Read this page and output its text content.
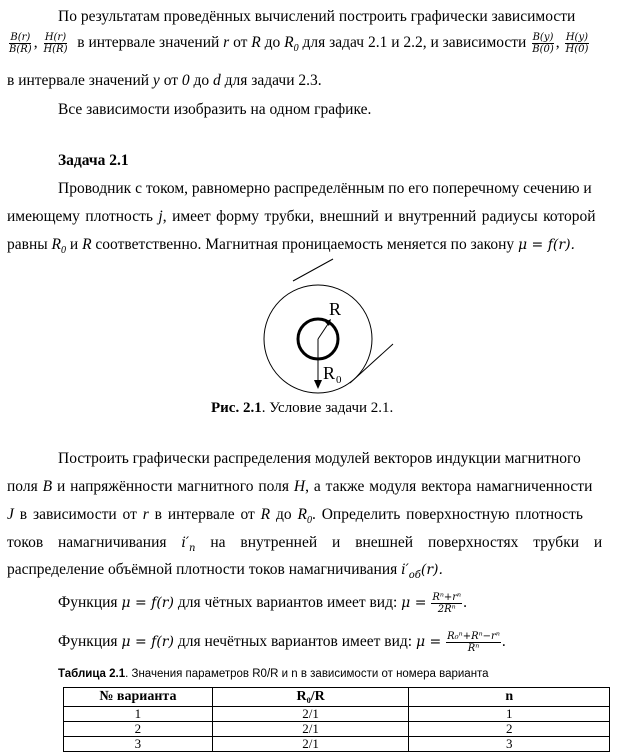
По результатам проведённых вычислений построить графически зависимости
$\frac{B(r)}{B(R)}$ , $\frac{H(r)}{H(R)}$ в интервале значений r от R до $R_0$ для задач 2.1 и 2.2, и зависимости $\frac{B(y)}{B(0)}$ , $\frac{H(y)}{H(0)}$
в интервале значений y от 0 до d для задачи 2.3.
Все зависимости изобразить на одном графике.
Задача 2.1
Проводник с током, равномерно распределённым по его поперечному сечению и
имеющему плотность j, имеет форму трубки, внешний и внутренний радиусы которой
равны $R_0$ и R соответственно. Магнитная проницаемость меняется по закону μ = f(r).
R
R 0
Рис. 2.1. Условие задачи 2.1.
Построить графически распределения модулей векторов индукции магнитного
поля B и напряжённости магнитного поля H, а также модуля вектора намагниченности
J в зависимости от r в интервале от R до $R_0$. Определить поверхностную плотность
токов намагничивания $i'_п$ на внутренней и внешней поверхностях трубки и
распределение объёмной плотности токов намагничивания $i'_{об}(r)$.
Функция μ = f(r) для чётных вариантов имеет вид: $\mu = \frac{\text{Rⁿ+rⁿ}}{\text{2Rⁿ}}$ .
Функция μ = f(r) для нечётных вариантов имеет вид: $\mu = \frac{\text{R₀ⁿ+Rⁿ−rⁿ}}{\text{Rⁿ}}$ .
Таблица 2.1. Значения параметров R0/R и n в зависимости от номера варианта
№ варианта	R₀/R	n
1	2/1	1
2	2/1	2
3	2/1	3
